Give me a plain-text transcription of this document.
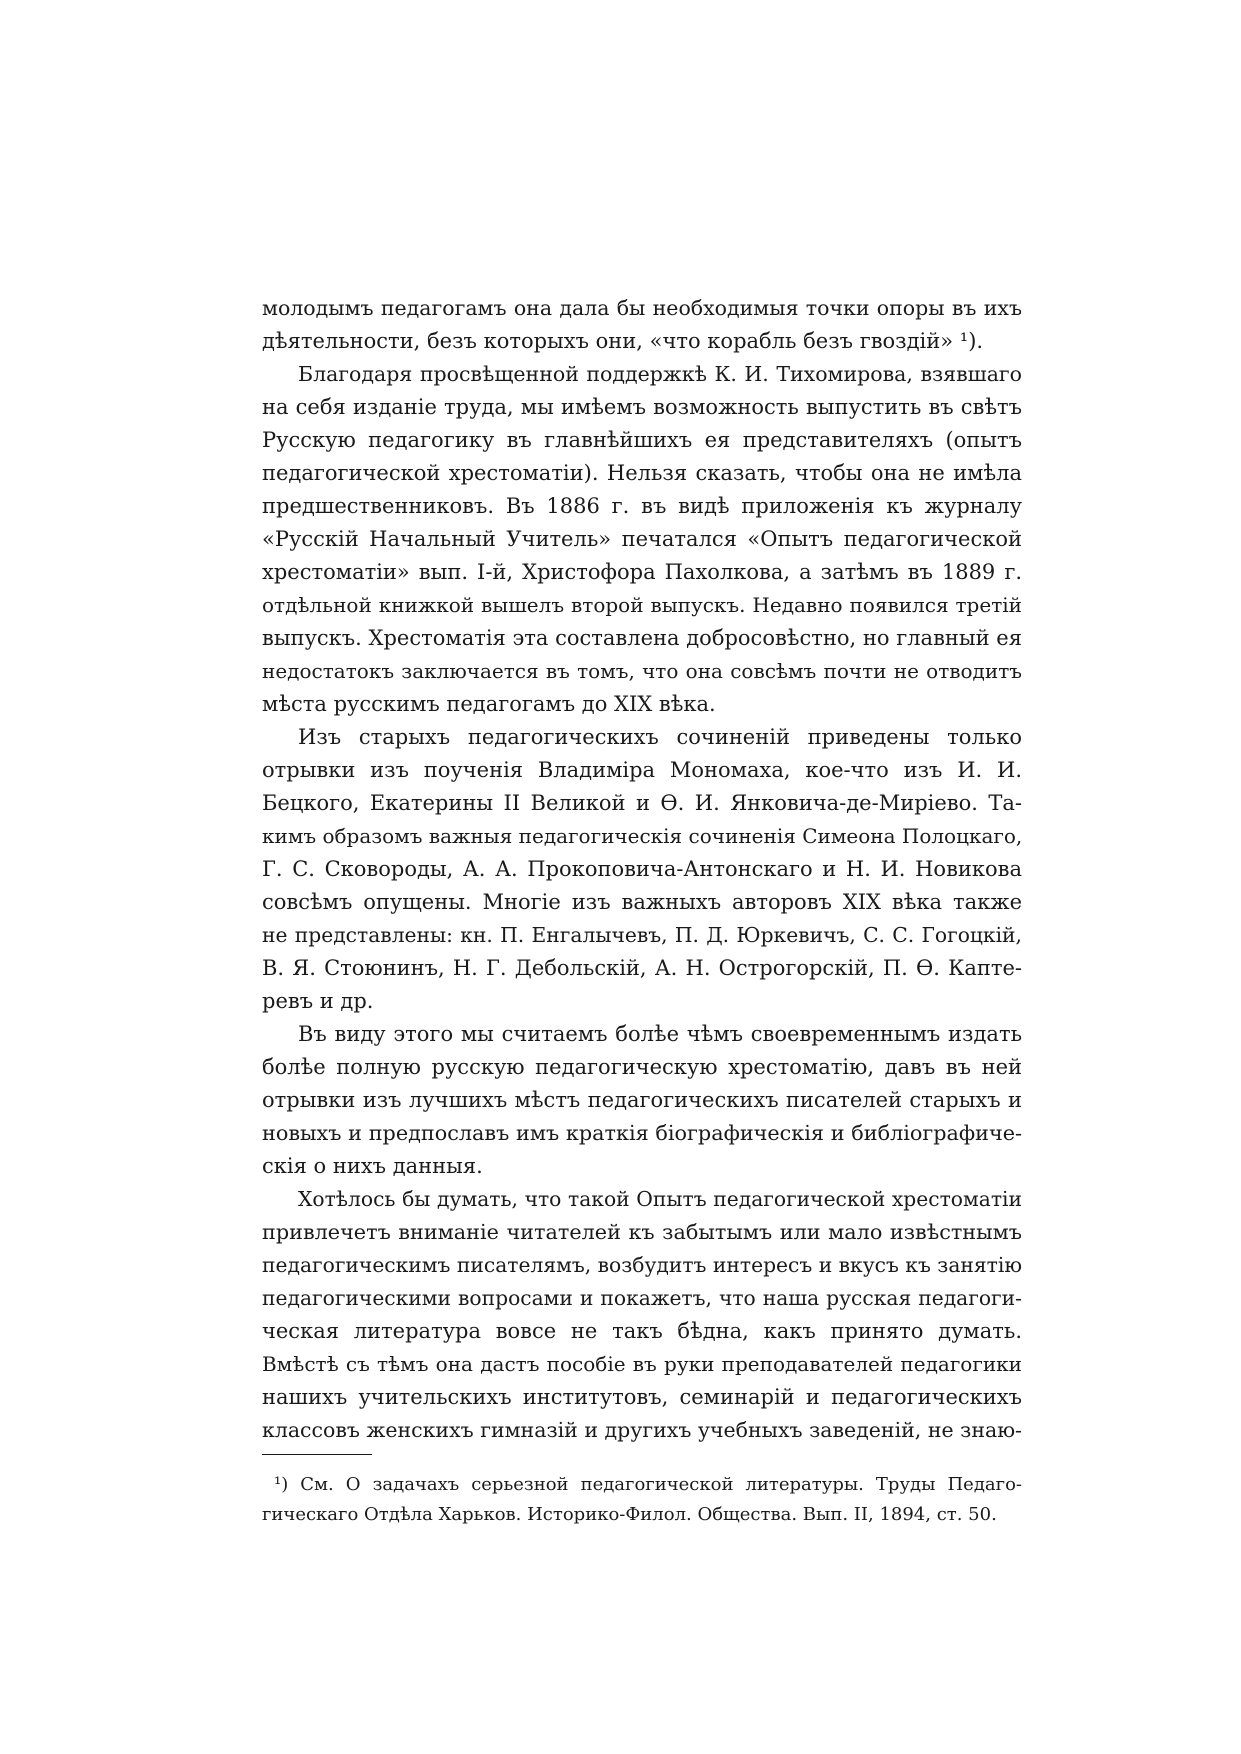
молодымъ педагогамъ она дала бы необходимыя точки опоры въ ихъ
дѣятельности, безъ которыхъ они, «что корабль безъ гвоздій» ¹).
Благодаря просвѣщенной поддержкѣ К. И. Тихомирова, взявшаго
на себя изданіе труда, мы имѣемъ возможность выпустить въ свѣтъ
Русскую педагогику въ главнѣйшихъ ея представителяхъ (опытъ
педагогической хрестоматіи). Нельзя сказать, чтобы она не имѣла
предшественниковъ. Въ 1886 г. въ видѣ приложенія къ журналу
«Русскій Начальный Учитель» печатался «Опытъ педагогической
хрестоматіи» вып. I-й, Христофора Пахолкова, а затѣмъ въ 1889 г.
отдѣльной книжкой вышелъ второй выпускъ. Недавно появился третій
выпускъ. Хрестоматія эта составлена добросовѣстно, но главный ея
недостатокъ заключается въ томъ, что она совсѣмъ почти не отводитъ
мѣста русскимъ педагогамъ до XIX вѣка.
Изъ старыхъ педагогическихъ сочиненій приведены только
отрывки изъ поученія Владиміра Мономаха, кое-что изъ И. И.
Бецкого, Екатерины II Великой и Ѳ. И. Янковича-де-Миріево. Та-
кимъ образомъ важныя педагогическія сочиненія Симеона Полоцкаго,
Г. С. Сковороды, А. А. Прокоповича-Антонскаго и Н. И. Новикова
совсѣмъ опущены. Многіе изъ важныхъ авторовъ XIX вѣка также
не представлены: кн. П. Енгалычевъ, П. Д. Юркевичъ, С. С. Гогоцкій,
В. Я. Стоюнинъ, Н. Г. Дебольскій, А. Н. Острогорскій, П. Ѳ. Каптe-
ревъ и др.
Въ виду этого мы считаемъ болѣе чѣмъ своевременнымъ издать
болѣе полную русскую педагогическую хрестоматію, давъ въ ней
отрывки изъ лучшихъ мѣстъ педагогическихъ писателей старыхъ и
новыхъ и предпославъ имъ краткія біографическія и библіографиче-
скія о нихъ данныя.
Хотѣлось бы думать, что такой Опытъ педагогической хрестоматіи
привлечетъ вниманіе читателей къ забытымъ или мало извѣстнымъ
педагогическимъ писателямъ, возбудитъ интересъ и вкусъ къ занятію
педагогическими вопросами и покажетъ, что наша русская педагоги-
ческая литература вовсе не такъ бѣдна, какъ принято думать.
Вмѣстѣ съ тѣмъ она дастъ пособіе въ руки преподавателей педагогики
нашихъ учительскихъ институтовъ, семинарій и педагогическихъ
классовъ женскихъ гимназій и другихъ учебныхъ заведеній, не знаю-
¹) См. О задачахъ серьезной педагогической литературы. Труды Педаго-
гическаго Отдѣла Харьков. Историко-Филол. Общества. Вып. II, 1894, ст. 50.
